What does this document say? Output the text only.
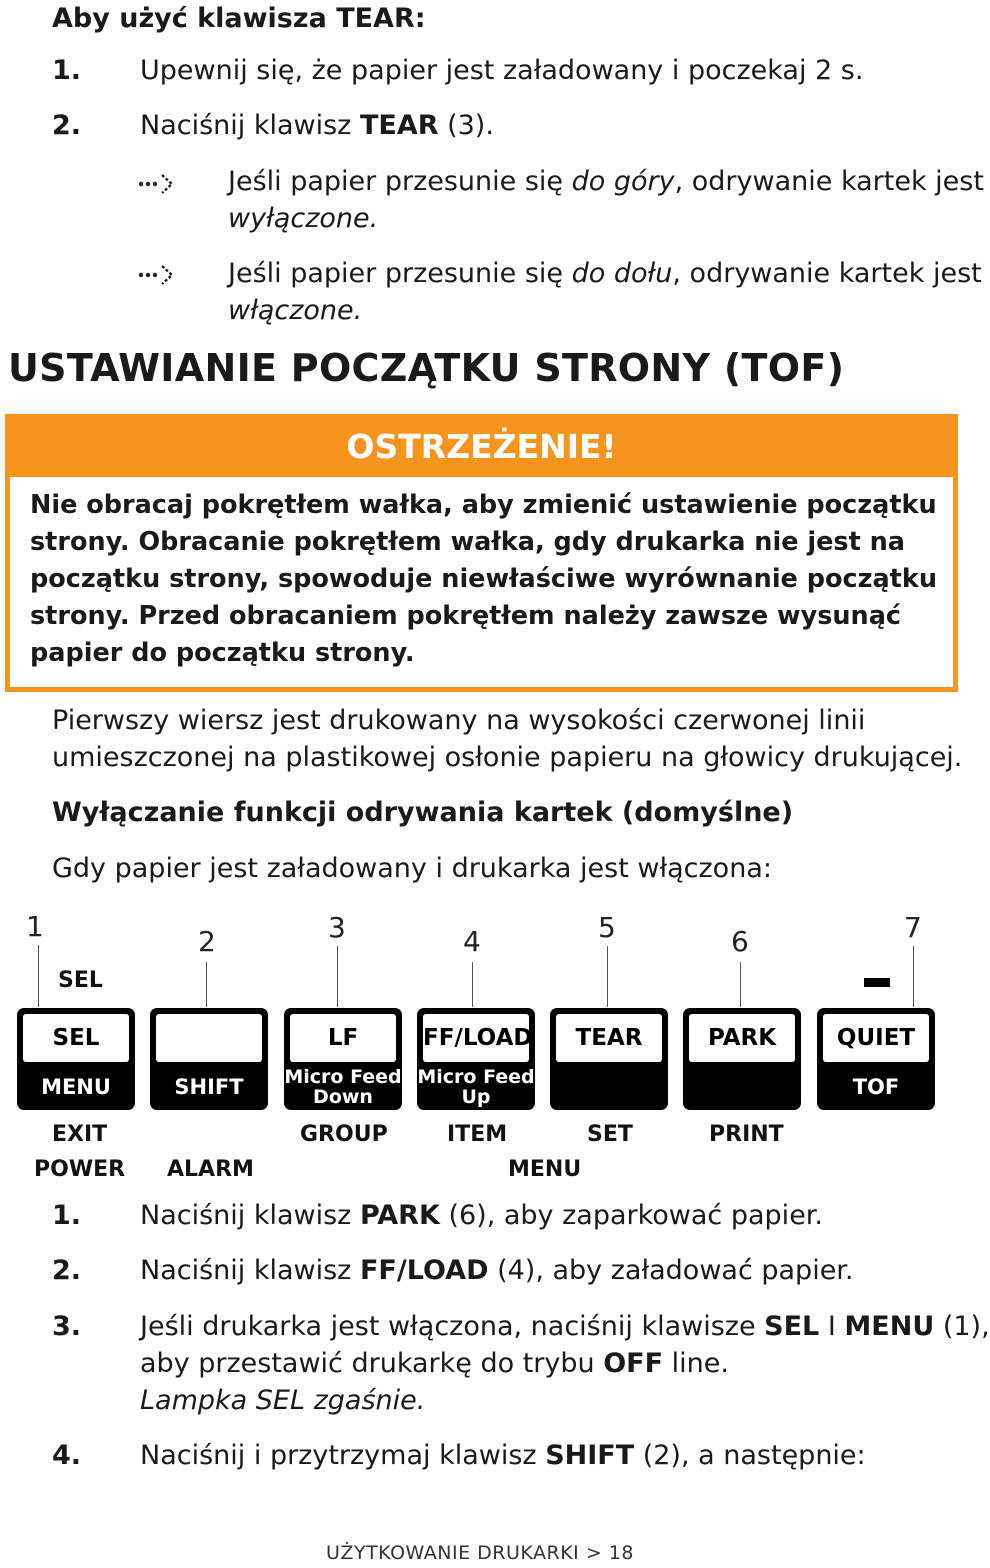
Aby użyć klawisza TEAR:
1. Upewnij się, że papier jest załadowany i poczekaj 2 s.
2. Naciśnij klawisz TEAR (3).
Jeśli papier przesunie się do góry, odrywanie kartek jest
wyłączone.
Jeśli papier przesunie się do dołu, odrywanie kartek jest
włączone.
USTAWIANIE POCZĄTKU STRONY (TOF)
OSTRZEŻENIE!
Nie obracaj pokrętłem wałka, aby zmienić ustawienie początku strony. Obracanie pokrętłem wałka, gdy drukarka nie jest na początku strony, spowoduje niewłaściwe wyrównanie początku strony. Przed obracaniem pokrętłem należy zawsze wysunąć papier do początku strony.
Pierwszy wiersz jest drukowany na wysokości czerwonej linii
umieszczonej na plastikowej osłonie papieru na głowicy drukującej.
Wyłączanie funkcji odrywania kartek (domyślne)
Gdy papier jest załadowany i drukarka jest włączona:
1	2	3	4	5	6	7
SEL
SEL
MENU	SHIFT
LF
Micro Feed
Down
FF/LOAD
Micro Feed
Up
TEAR	PARK	QUIET
TOF
EXIT	GROUP	ITEM	SET	PRINT
POWER ALARM	MENU
1. Naciśnij klawisz PARK (6), aby zaparkować papier.
2. Naciśnij klawisz FF/LOAD (4), aby załadować papier.
3. Jeśli drukarka jest włączona, naciśnij klawisze SEL I MENU (1),
aby przestawić drukarkę do trybu OFF line.
Lampka SEL zgaśnie.
4. Naciśnij i przytrzymaj klawisz SHIFT (2), a następnie:
UŻYTKOWANIE DRUKARKI > 18
